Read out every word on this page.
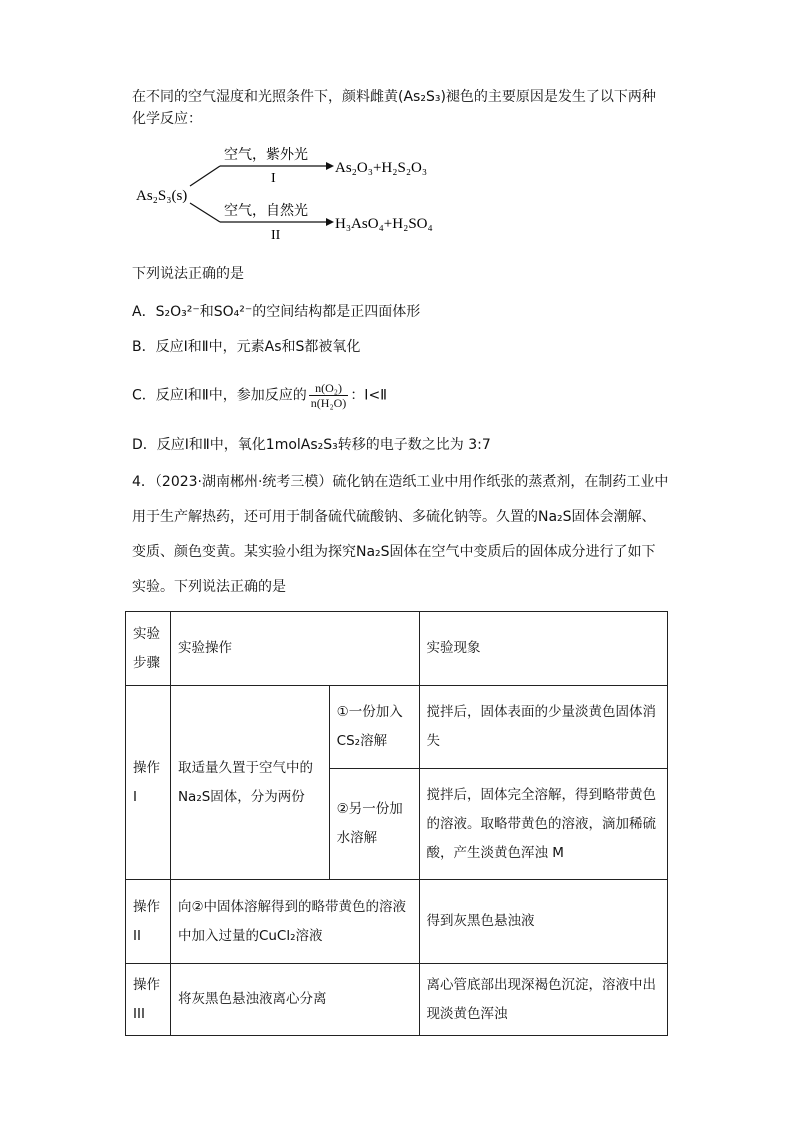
在不同的空气湿度和光照条件下，颜料雌黄(As₂S₃)褪色的主要原因是发生了以下两种
化学反应：
As₂S₃(s)
空气，紫外光
I
As₂O₃+H₂S₂O₃
空气，自然光
II
H₃AsO₄+H₂SO₄
下列说法正确的是
A．S₂O₃²⁻和SO₄²⁻的空间结构都是正四面体形
B．反应Ⅰ和Ⅱ中，元素As和S都被氧化
C．反应Ⅰ和Ⅱ中，参加反应的 $\frac{\text{n(O₂)}}{\text{n(H₂O)}}$ ：Ⅰ<Ⅱ
D．反应Ⅰ和Ⅱ中，氧化1molAs₂S₃转移的电子数之比为 3:7
4．（2023·湖南郴州·统考三模）硫化钠在造纸工业中用作纸张的蒸煮剂，在制药工业中
用于生产解热药，还可用于制备硫代硫酸钠、多硫化钠等。久置的Na₂S固体会潮解、
变质、颜色变黄。某实验小组为探究Na₂S固体在空气中变质后的固体成分进行了如下
实验。下列说法正确的是
实验步骤	实验操作		实验现象
操作I	取适量久置于空气中的Na₂S固体，分为两份	①一份加入CS₂溶解	搅拌后，固体表面的少量淡黄色固体消失
		②另一份加水溶解	搅拌后，固体完全溶解，得到略带黄色的溶液。取略带黄色的溶液，滴加稀硫酸，产生淡黄色浑浊 M
操作II	向②中固体溶解得到的略带黄色的溶液中加入过量的CuCl₂溶液		得到灰黑色悬浊液
操作III	将灰黑色悬浊液离心分离		离心管底部出现深褐色沉淀，溶液中出现淡黄色浑浊
